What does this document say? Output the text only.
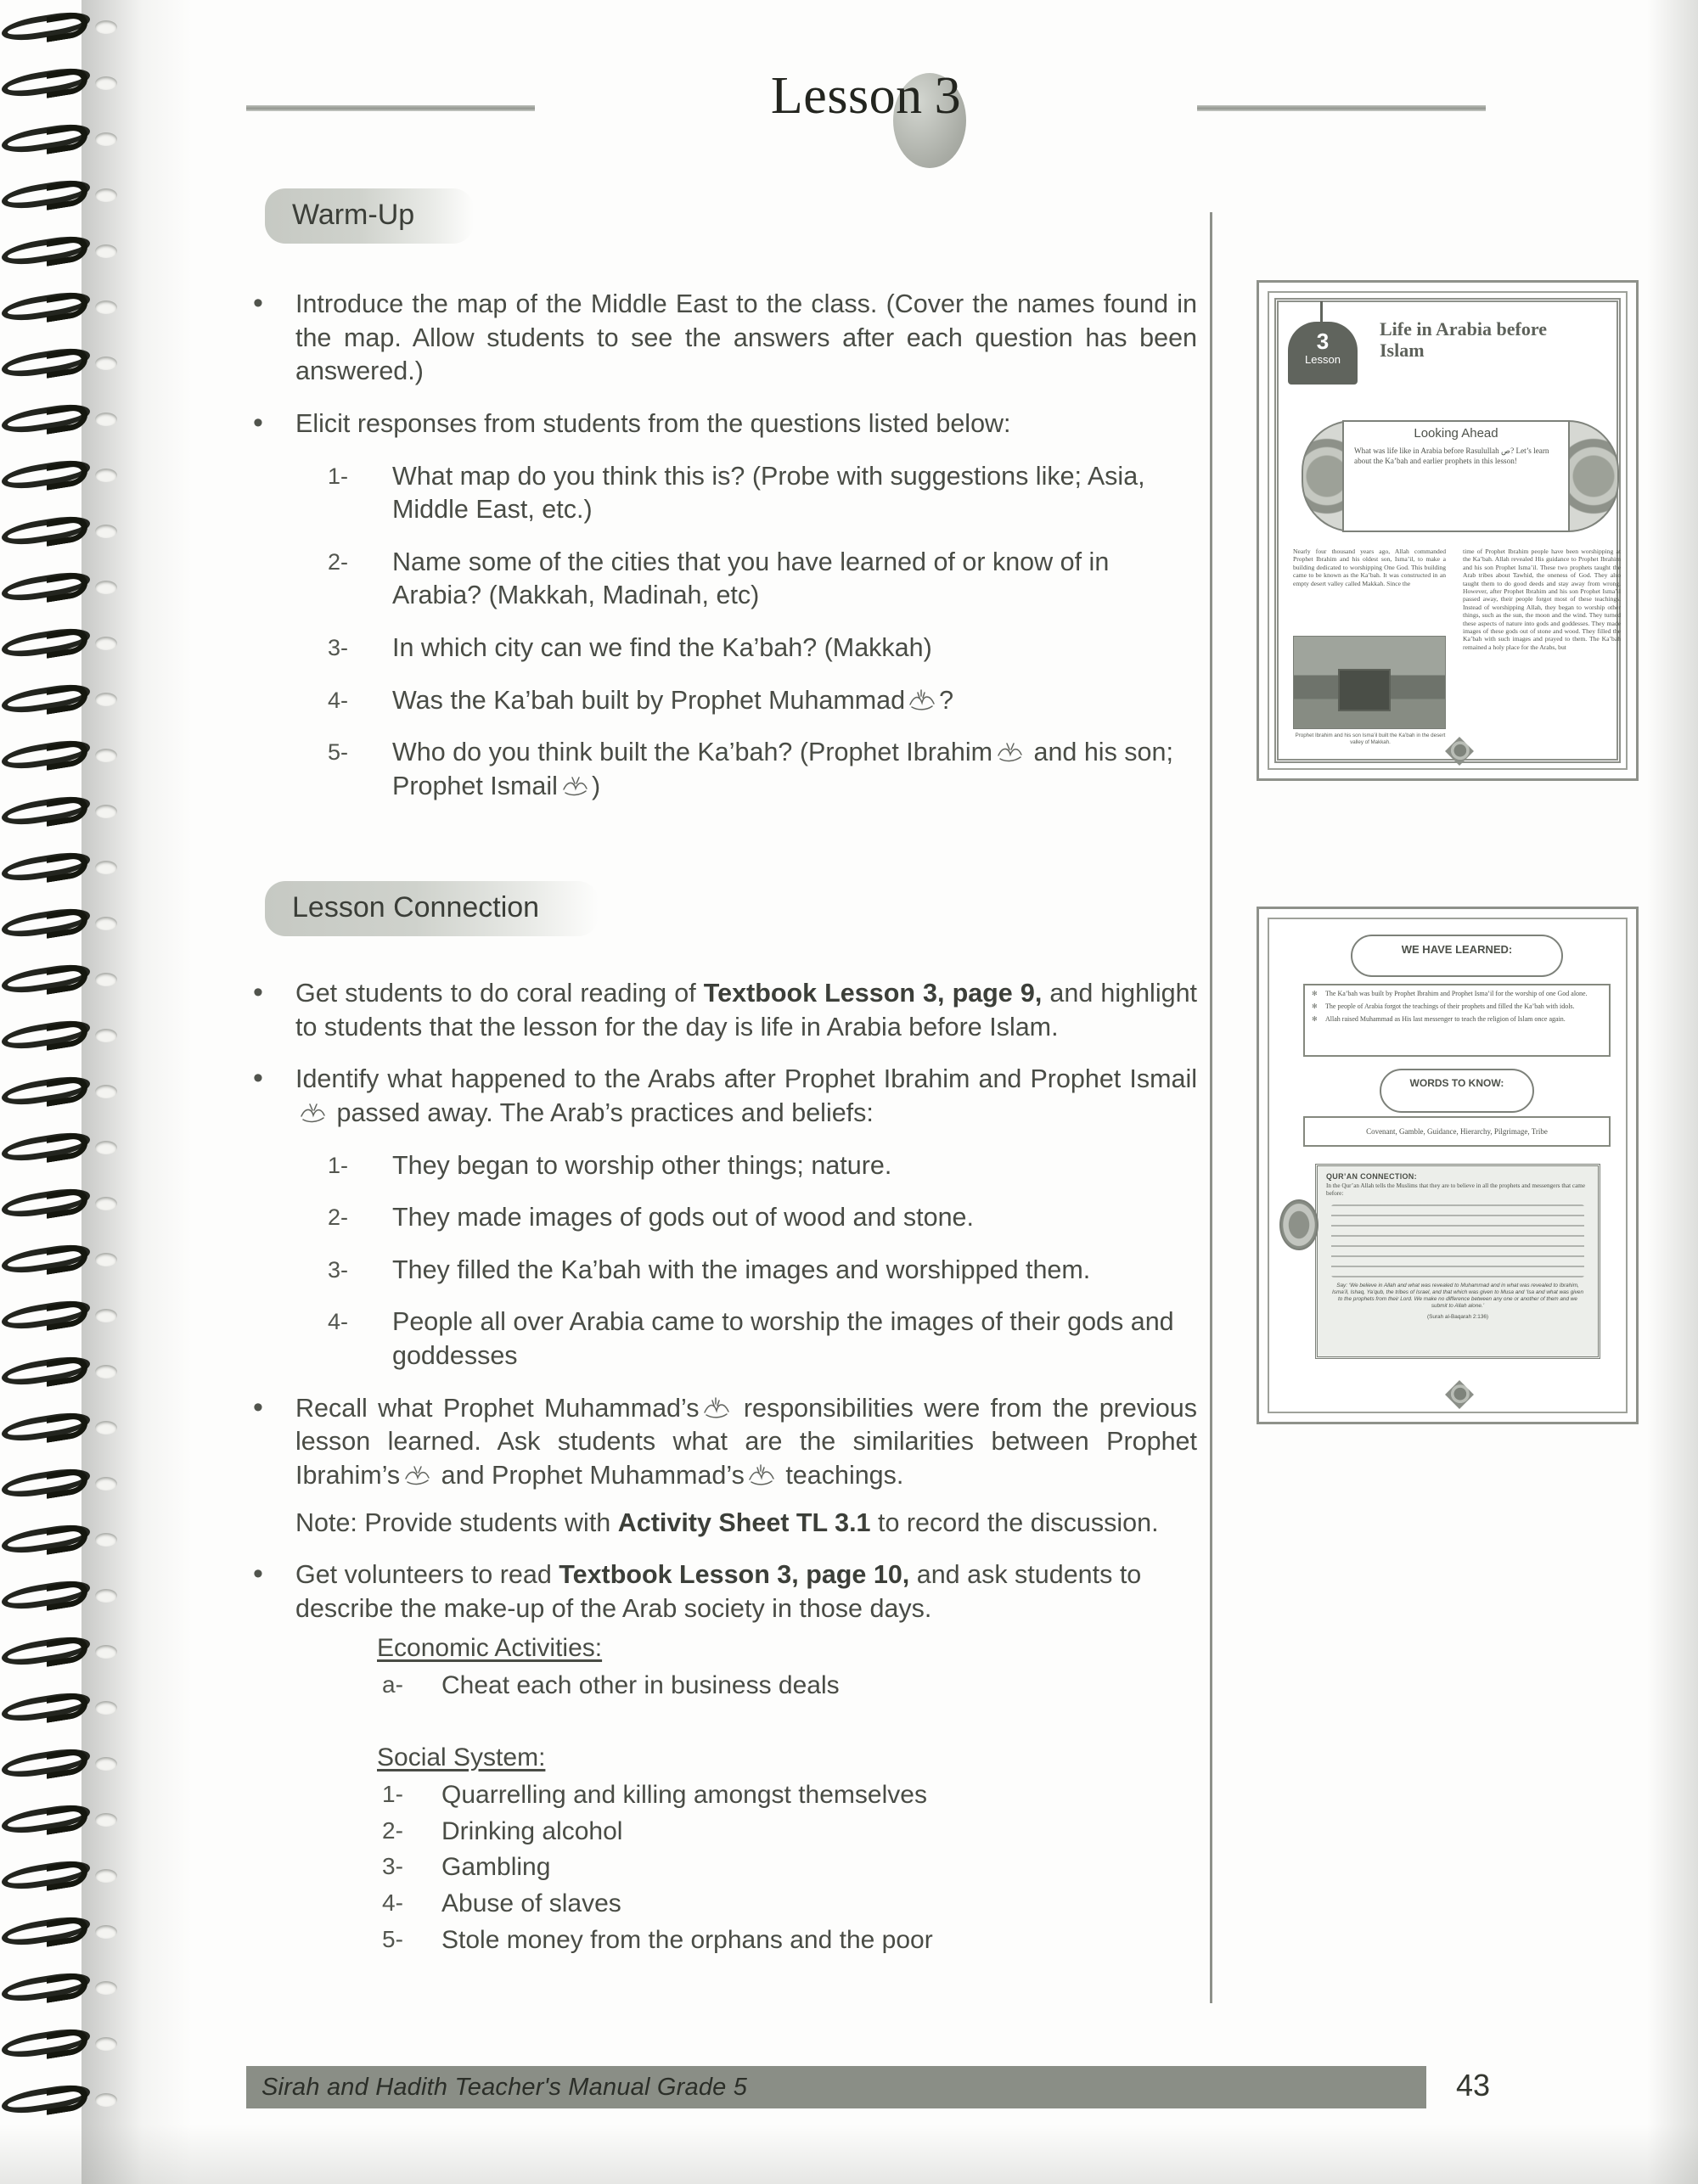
Lesson 3
Warm-Up
• Introduce the map of the Middle East to the class. (Cover the names found in the map. Allow students to see the answers after each question has been answered.)
• Elicit responses from students from the questions listed below:
1- What map do you think this is? (Probe with suggestions like; Asia, Middle East, etc.)
2- Name some of the cities that you have learned of or know of in Arabia? (Makkah, Madinah, etc)
3- In which city can we find the Ka’bah? (Makkah)
4- Was the Ka’bah built by Prophet Muhammad ?
5- Who do you think built the Ka’bah? (Prophet Ibrahim and his son; Prophet Ismail )
Lesson Connection
• Get students to do coral reading of Textbook Lesson 3, page 9, and highlight to students that the lesson for the day is life in Arabia before Islam.
• Identify what happened to the Arabs after Prophet Ibrahim and Prophet Ismail
passed away. The Arab’s practices and beliefs:
1- They began to worship other things; nature.
2- They made images of gods out of wood and stone.
3- They filled the Ka’bah with the images and worshipped them.
4- People all over Arabia came to worship the images of their gods and goddesses
• Recall what Prophet Muhammad’s responsibilities were from the previous lesson learned. Ask students what are the similarities between Prophet Ibrahim’s and Prophet Muhammad’s teachings.
Note: Provide students with Activity Sheet TL 3.1 to record the discussion.
• Get volunteers to read Textbook Lesson 3, page 10, and ask students to describe the make-up of the Arab society in those days.
Economic Activities:
a- Cheat each other in business deals
Social System:
1- Quarrelling and killing amongst themselves
2- Drinking alcohol
3- Gambling
4- Abuse of slaves
5- Stole money from the orphans and the poor
3
Lesson
Life in Arabia before
Islam
Looking Ahead
What was life like in Arabia before Rasulullah ص? Let’s learn about the Ka’bah and earlier prophets in this lesson!
Nearly four thousand years ago, Allah commanded Prophet Ibrahim and his oldest son, Isma’il, to make a building dedicated to worshipping One God. This building came to be known as the Ka’bah. It was constructed in an empty desert valley called Makkah. Since the
time of Prophet Ibrahim people have been worshipping at the Ka’bah. Allah revealed His guidance to Prophet Ibrahim and his son Prophet Isma’il. These two prophets taught the Arab tribes about Tawhid, the oneness of God. They also taught them to do good deeds and stay away from wrong. However, after Prophet Ibrahim and his son Prophet Isma’il passed away, their people forgot most of these teachings. Instead of worshipping Allah, they began to worship other things, such as the sun, the moon and the wind. They turned these aspects of nature into gods and goddesses. They made images of these gods out of stone and wood. They filled the Ka’bah with such images and prayed to them. The Ka’bah remained a holy place for the Arabs, but
Prophet Ibrahim and his son Isma’il built the Ka’bah in the desert valley of Makkah.
WE HAVE LEARNED:
✻ The Ka’bah was built by Prophet Ibrahim and Prophet Isma’il for the worship of one God alone.
✻ The people of Arabia forgot the teachings of their prophets and filled the Ka’bah with idols.
✻ Allah raised Muhammad as His last messenger to teach the religion of Islam once again.
WORDS TO KNOW:
Covenant, Gamble, Guidance, Hierarchy, Pilgrimage, Tribe
QUR’AN CONNECTION:
In the Qur’an Allah tells the Muslims that they are to believe in all the prophets and messengers that came before:
Say: ‘We believe in Allah and what was revealed to Muhammad and in what was revealed to Ibrahim, Isma’il, Ishaq, Ya’qub, the tribes of Israel, and that which was given to Musa and ‘Isa and what was given to the prophets from their Lord. We make no difference between any one or another of them and we submit to Allah alone.’
(Surah al-Baqarah 2:136)
Sirah and Hadith Teacher's Manual Grade 5	43
